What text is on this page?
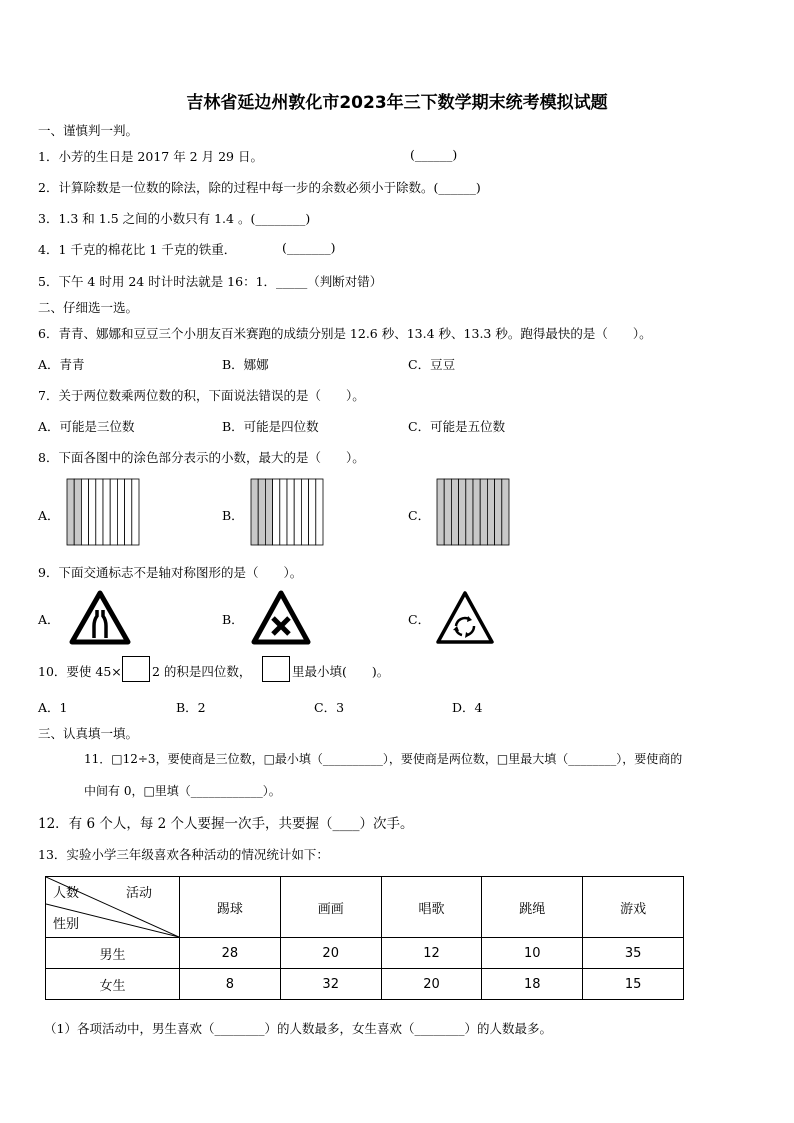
吉林省延边州敦化市2023年三下数学期末统考模拟试题
一、谨慎判一判。
1．小芳的生日是 2017 年 2 月 29 日。	(______)
2．计算除数是一位数的除法，除的过程中每一步的余数必须小于除数。(______)
3．1.3 和 1.5 之间的小数只有 1.4 。(________)
4．1 千克的棉花比 1 千克的铁重．	(_______)
5．下午 4 时用 24 时计时法就是 16：1．_____（判断对错）
二、仔细选一选。
6．青青、娜娜和豆豆三个小朋友百米赛跑的成绩分别是 12.6 秒、13.4 秒、13.3 秒。跑得最快的是（　　）。
A．青青	B．娜娜	C．豆豆
7．关于两位数乘两位数的积，下面说法错误的是（　　）。
A．可能是三位数	B．可能是四位数	C．可能是五位数
8．下面各图中的涂色部分表示的小数，最大的是（　　）。
A．	B．	C．
9．下面交通标志不是轴对称图形的是（　　）。
A．	B．	C．
10．要使 45× 2 的积是四位数，	里最小填(　　)。
A．1	B．2	C．3	D．4
三、认真填一填。
11．□12÷3，要使商是三位数，□最小填（__________），要使商是两位数，□里最大填（________），要使商的
中间有 0，□里填（____________）。
12．有 6 个人，每 2 个人要握一次手，共要握（____）次手。
13．实验小学三年级喜欢各种活动的情况统计如下：
人数 活动
性别	踢球	画画	唱歌	跳绳	游戏
男生	28	20	12	10	35
女生	8	32	20	18	15
（1）各项活动中，男生喜欢（________）的人数最多，女生喜欢（________）的人数最多。
